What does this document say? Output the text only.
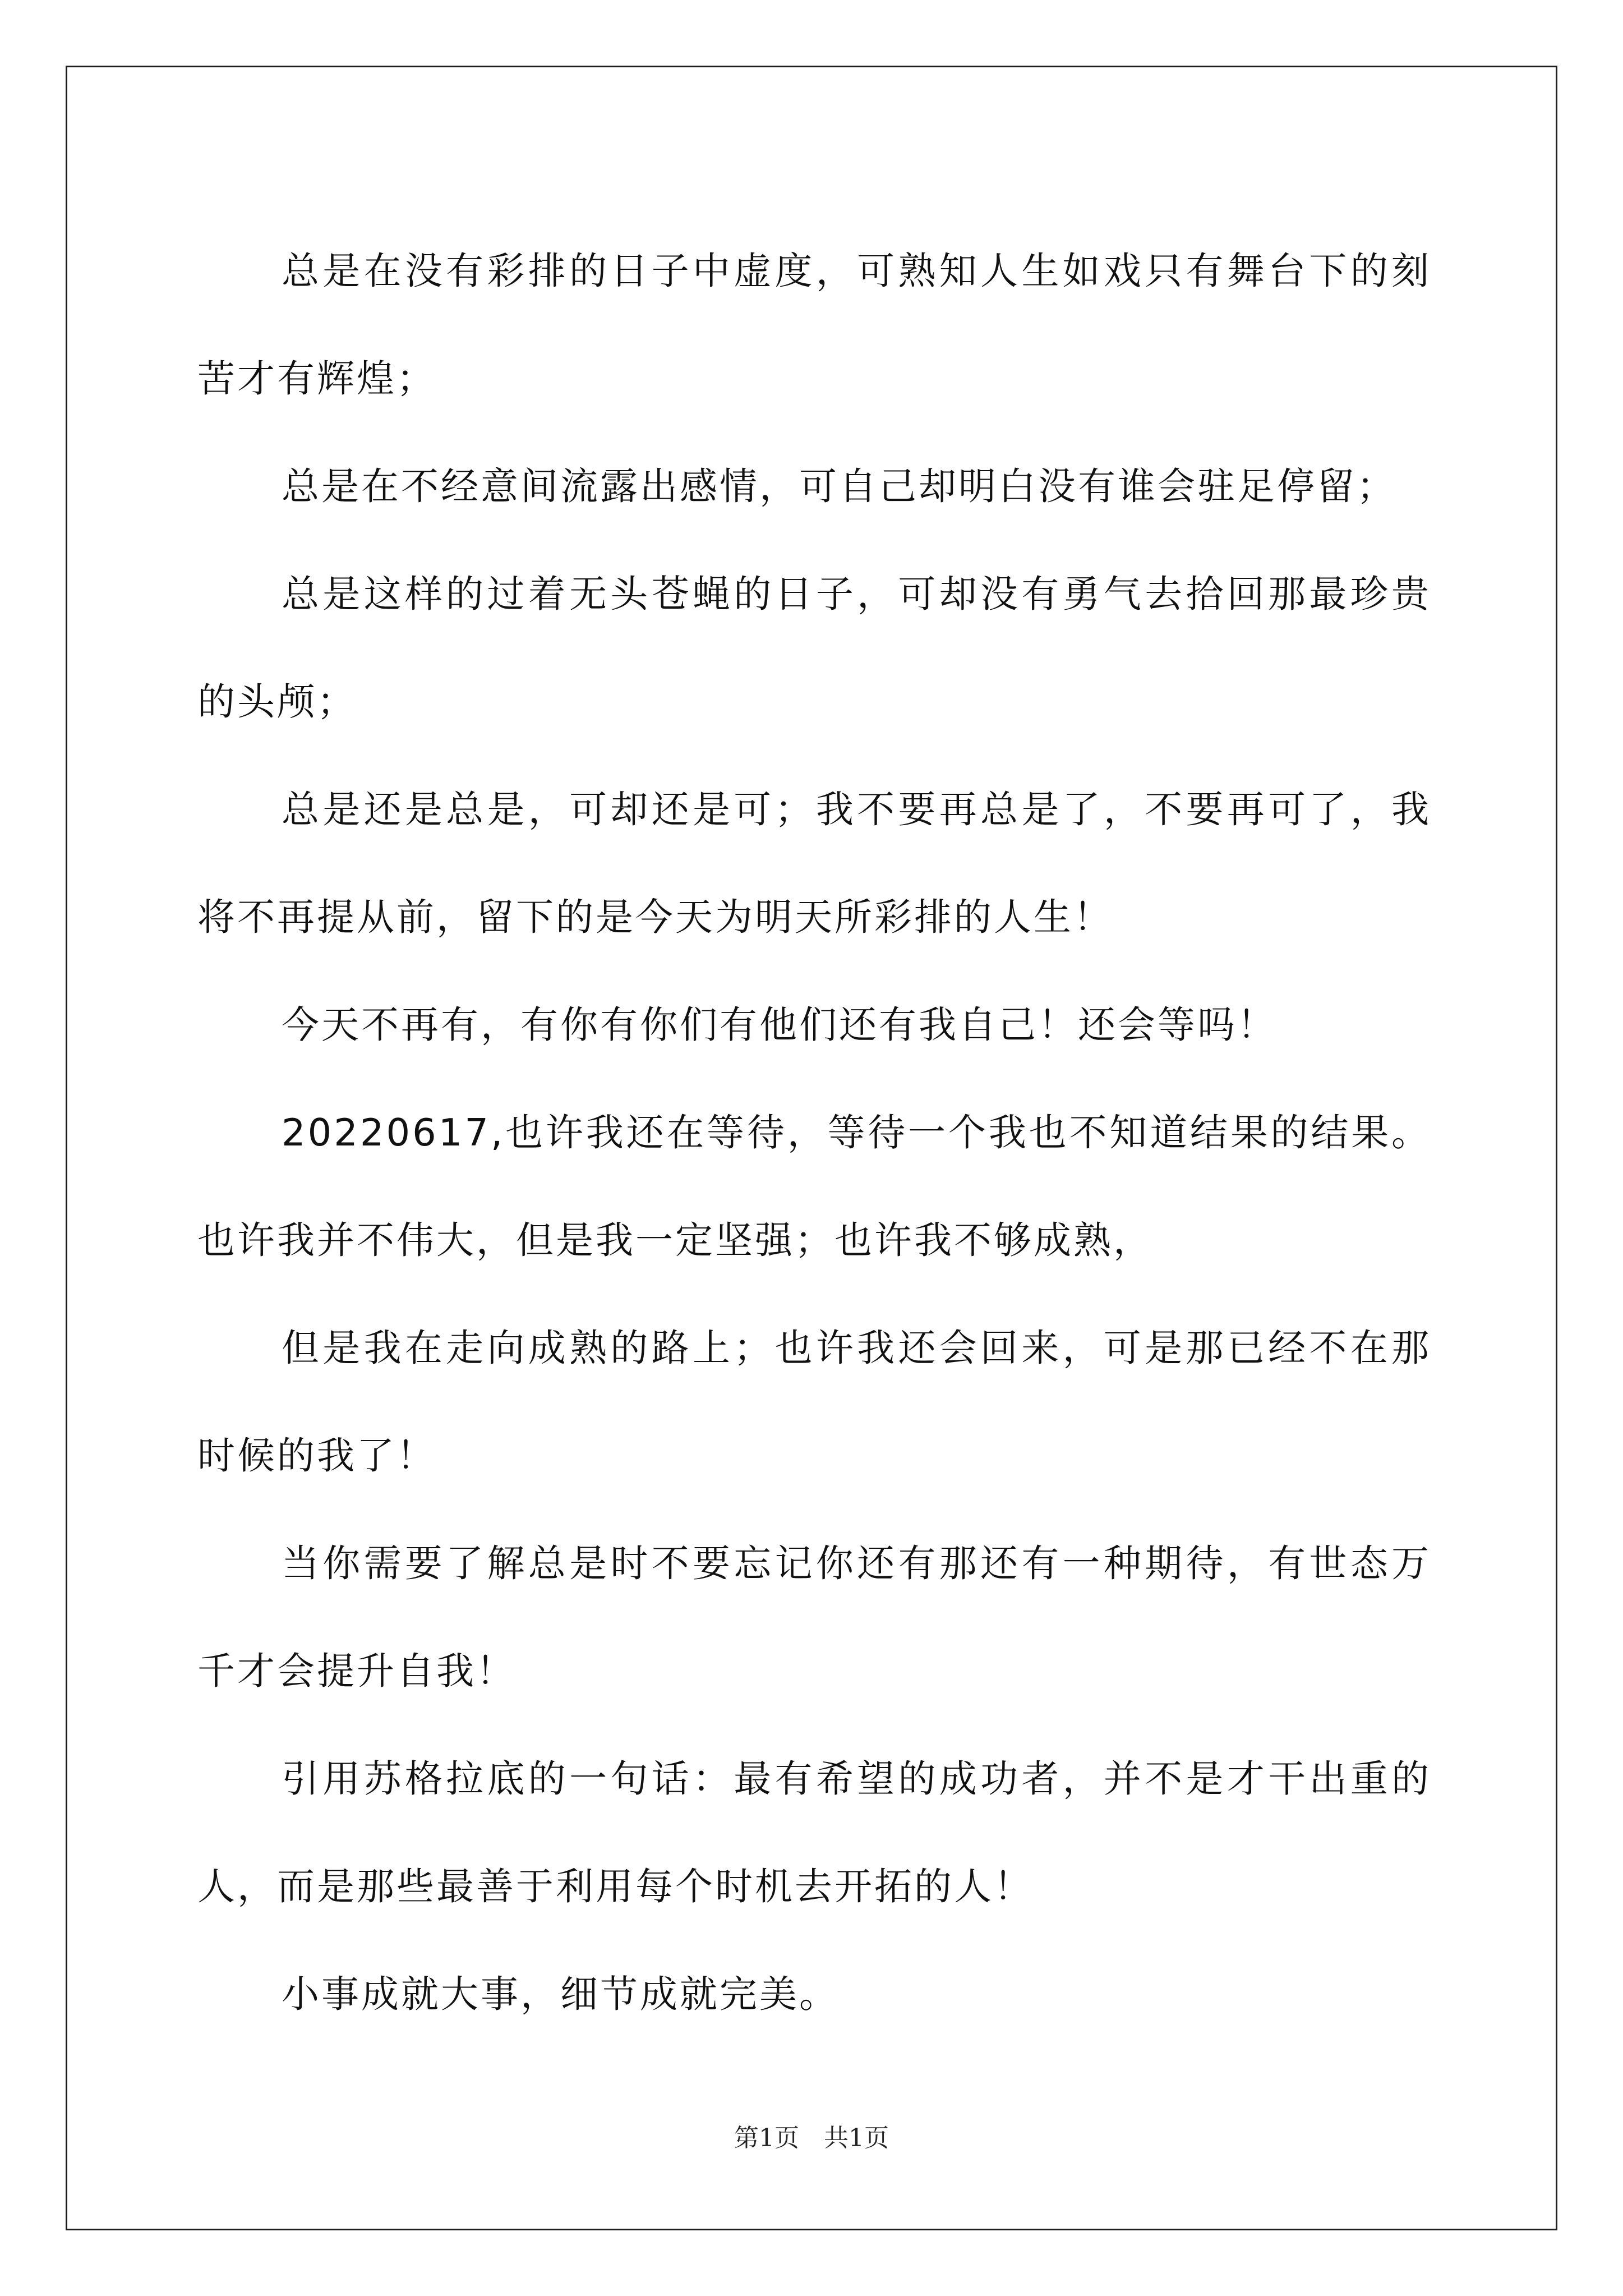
总是在没有彩排的日子中虚度，可熟知人生如戏只有舞台下的刻苦才有辉煌；

总是在不经意间流露出感情，可自己却明白没有谁会驻足停留；

总是这样的过着无头苍蝇的日子，可却没有勇气去拾回那最珍贵的头颅；

总是还是总是，可却还是可；我不要再总是了，不要再可了，我将不再提从前，留下的是今天为明天所彩排的人生！

今天不再有，有你有你们有他们还有我自己！还会等吗！

20220617,也许我还在等待，等待一个我也不知道结果的结果。也许我并不伟大，但是我一定坚强；也许我不够成熟，

但是我在走向成熟的路上；也许我还会回来，可是那已经不在那时候的我了！

当你需要了解总是时不要忘记你还有那还有一种期待，有世态万千才会提升自我！

引用苏格拉底的一句话：最有希望的成功者，并不是才干出重的人，而是那些最善于利用每个时机去开拓的人！

小事成就大事，细节成就完美。

第1页　共1页
